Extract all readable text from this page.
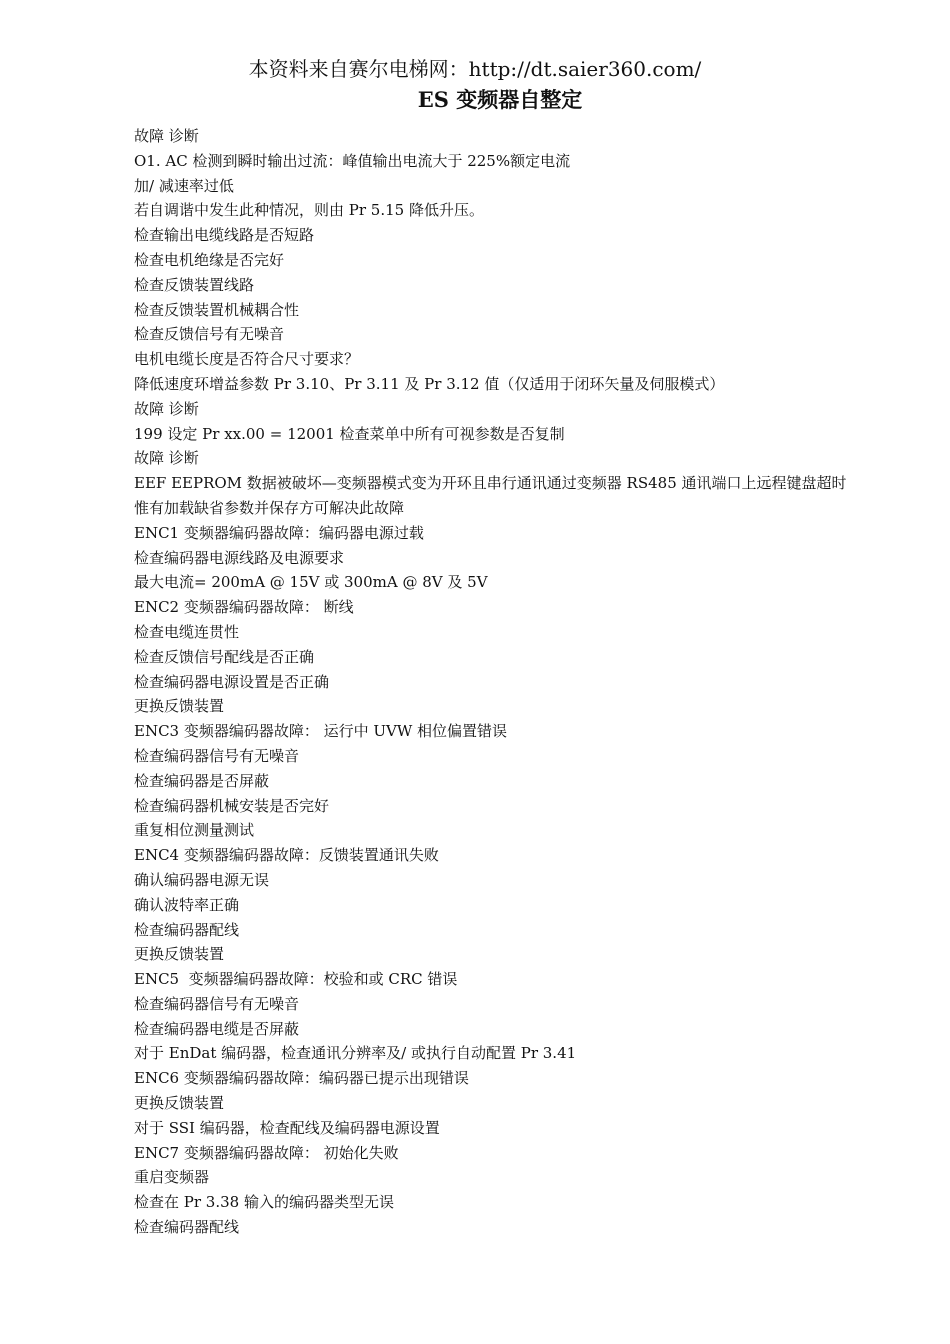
本资料来自赛尔电梯网：http://dt.saier360.com/
ES 变频器自整定
故障 诊断
O1. AC 检测到瞬时输出过流：峰值输出电流大于 225%额定电流
加/ 减速率过低
若自调谐中发生此种情况，则由 Pr 5.15 降低升压。
检查输出电缆线路是否短路
检查电机绝缘是否完好
检查反馈装置线路
检查反馈装置机械耦合性
检查反馈信号有无噪音
电机电缆长度是否符合尺寸要求？
降低速度环增益参数 Pr 3.10、Pr 3.11 及 Pr 3.12 值（仅适用于闭环矢量及伺服模式）
故障 诊断
199 设定 Pr xx.00 = 12001 检查菜单中所有可视参数是否复制
故障 诊断
EEF EEPROM 数据被破坏—变频器模式变为开环且串行通讯通过变频器 RS485 通讯端口上远程键盘超时
惟有加载缺省参数并保存方可解决此故障
ENC1 变频器编码器故障：编码器电源过载
检查编码器电源线路及电源要求
最大电流= 200mA @ 15V 或 300mA @ 8V 及 5V
ENC2 变频器编码器故障： 断线
检查电缆连贯性
检查反馈信号配线是否正确
检查编码器电源设置是否正确
更换反馈装置
ENC3 变频器编码器故障： 运行中 UVW 相位偏置错误
检查编码器信号有无噪音
检查编码器是否屏蔽
检查编码器机械安装是否完好
重复相位测量测试
ENC4 变频器编码器故障：反馈装置通讯失败
确认编码器电源无误
确认波特率正确
检查编码器配线
更换反馈装置
ENC5  变频器编码器故障：校验和或 CRC 错误
检查编码器信号有无噪音
检查编码器电缆是否屏蔽
对于 EnDat 编码器，检查通讯分辨率及/ 或执行自动配置 Pr 3.41
ENC6 变频器编码器故障：编码器已提示出现错误
更换反馈装置
对于 SSI 编码器，检查配线及编码器电源设置
ENC7 变频器编码器故障： 初始化失败
重启变频器
检查在 Pr 3.38 输入的编码器类型无误
检查编码器配线
